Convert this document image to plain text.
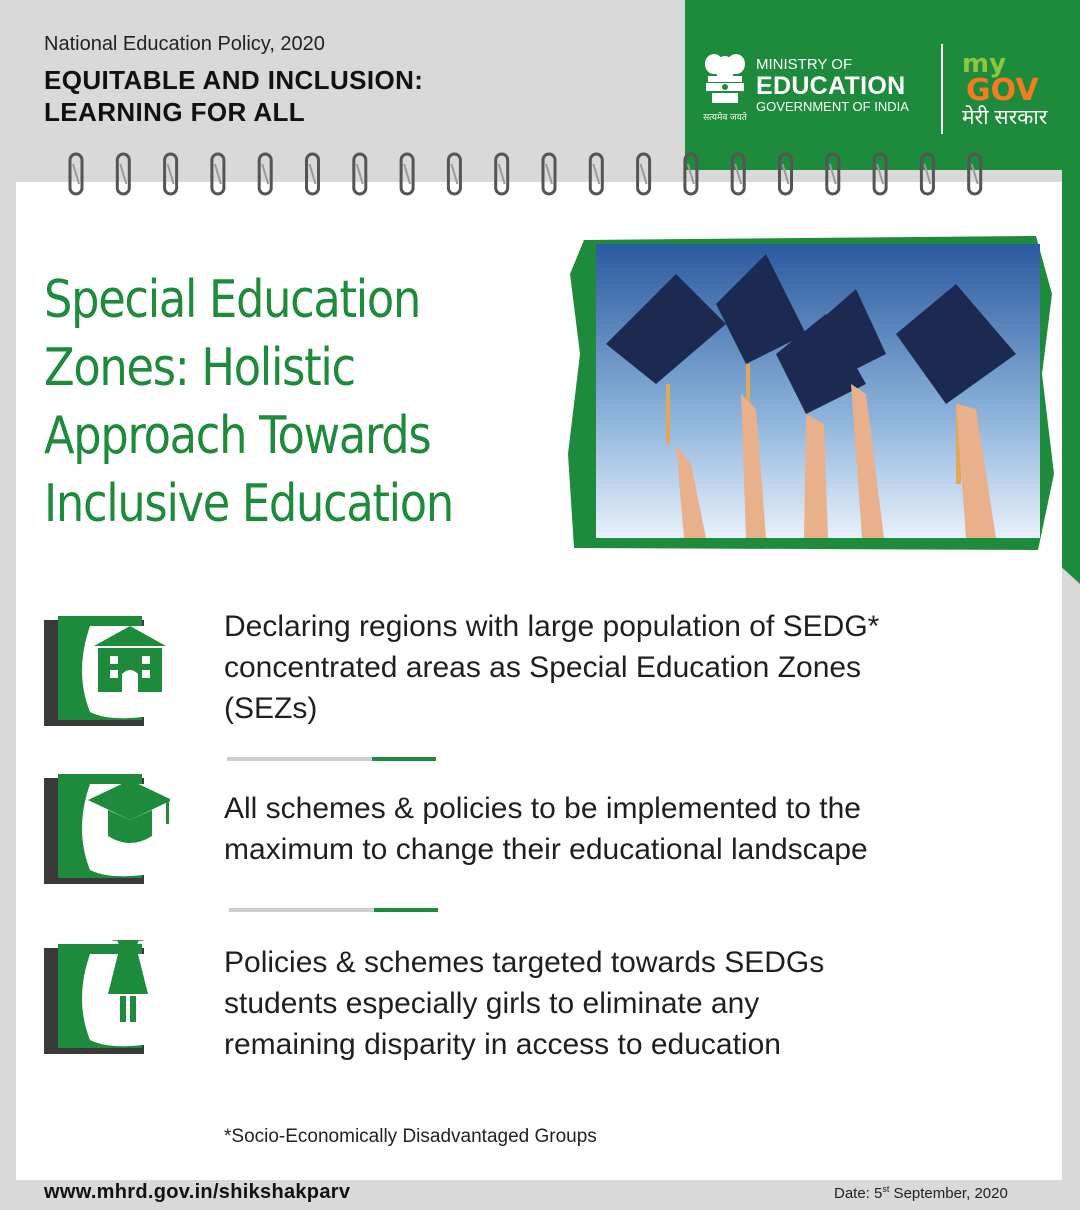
National Education Policy, 2020
EQUITABLE AND INCLUSION:
LEARNING FOR ALL	सत्यमेव जयते
MINISTRY OF
EDUCATION
GOVERNMENT OF INDIA
my
GOV
मेरी सरकार
Special Education
Zones: Holistic
Approach Towards
Inclusive Education
Declaring regions with large population of SEDG*
concentrated areas as Special Education Zones
(SEZs)
All schemes & policies to be implemented to the
maximum to change their educational landscape
Policies & schemes targeted towards SEDGs
students especially girls to eliminate any
remaining disparity in access to education
*Socio-Economically Disadvantaged Groups
www.mhrd.gov.in/shikshakparv	Date: 5st September, 2020
